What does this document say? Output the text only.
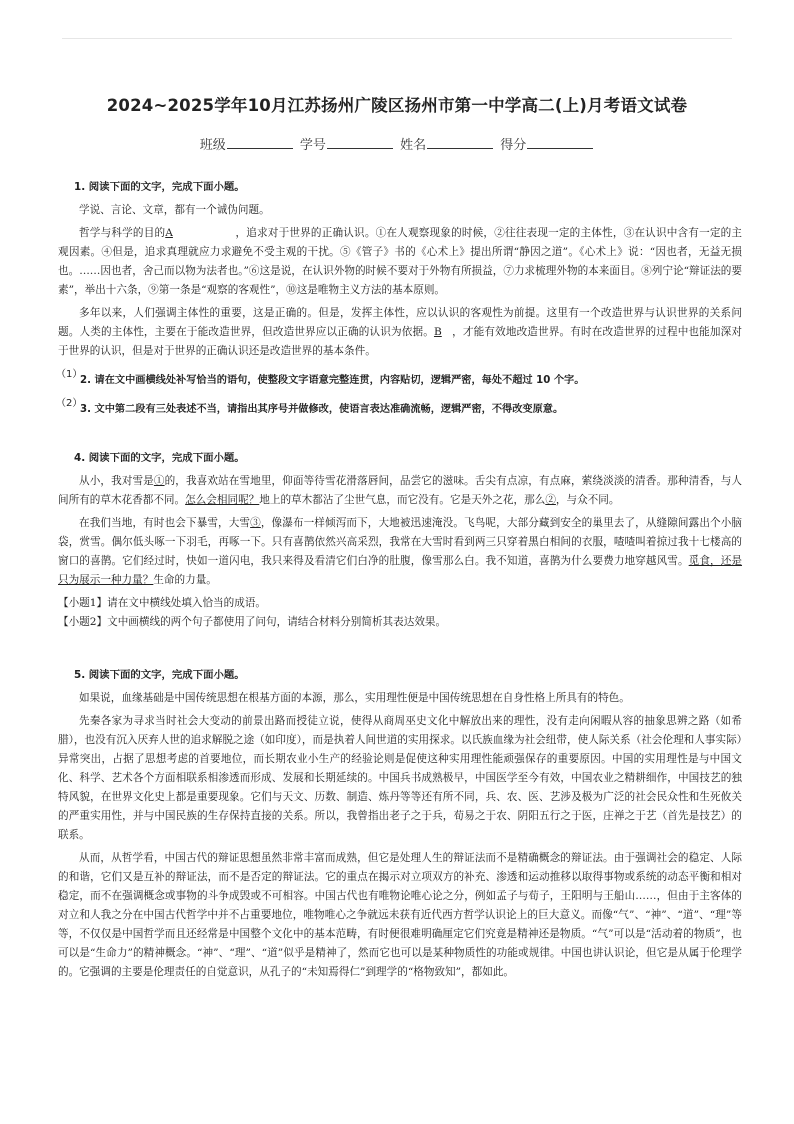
2024~2025学年10月江苏扬州广陵区扬州市第一中学高二(上)月考语文试卷
班级	学号	姓名	得分
1. 阅读下面的文字，完成下面小题。

学说、言论、文章，都有一个诚伪问题。

哲学与科学的目的A	，追求对于世界的正确认识。①在人观察现象的时候，②往往表现一定的主体性，③在认识中含有一定的主观因素。④但是，追求真理就应力求避免不受主观的干扰。⑤《管子》书的《心术上》提出所谓“静因之道”。《心术上》说：“因也者，无益无损也。……因也者，舍己而以物为法者也。”⑥这是说，在认识外物的时候不要对于外物有所损益，⑦力求梳理外物的本来面目。⑧列宁论“辩证法的要素”，举出十六条，⑨第一条是“观察的客观性”，⑩这是唯物主义方法的基本原则。

多年以来，人们强调主体性的重要，这是正确的。但是，发挥主体性，应以认识的客观性为前提。这里有一个改造世界与认识世界的关系问题。人类的主体性，主要在于能改造世界，但改造世界应以正确的认识为依据。B ，才能有效地改造世界。有时在改造世界的过程中也能加深对于世界的认识，但是对于世界的正确认识还是改造世界的基本条件。

（1）
2. 请在文中画横线处补写恰当的语句，使整段文字语意完整连贯，内容贴切，逻辑严密，每处不超过 10 个字。
（2）
3. 文中第二段有三处表述不当，请指出其序号并做修改，使语言表达准确流畅，逻辑严密，不得改变原意。
4. 阅读下面的文字，完成下面小题。

从小，我对雪是①的，我喜欢站在雪地里，仰面等待雪花滑落唇间，品尝它的滋味。舌尖有点凉，有点麻，萦绕淡淡的清香。那种清香，与人间所有的草木花香都不同。怎么会相同呢？地上的草木都沾了尘世气息，而它没有。它是天外之花，那么②，与众不同。

在我们当地，有时也会下暴雪，大雪③，像瀑布一样倾泻而下，大地被迅速淹没。飞鸟呢，大部分藏到安全的巢里去了，从缝隙间露出个小脑袋，赏雪。偶尔低头啄一下羽毛，再啄一下。只有喜鹊依然兴高采烈，我常在大雪时看到两三只穿着黑白相间的衣服，喳喳叫着掠过我十七楼高的窗口的喜鹊。它们经过时，快如一道闪电，我只来得及看清它们白净的肚腹，像雪那么白。我不知道，喜鹊为什么要费力地穿越风雪。觅食，还是只为展示一种力量？生命的力量。

【小题1】请在文中横线处填入恰当的成语。

【小题2】文中画横线的两个句子都使用了问句，请结合材料分别简析其表达效果。

5. 阅读下面的文字，完成下面小题。

如果说，血缘基础是中国传统思想在根基方面的本源，那么，实用理性便是中国传统思想在自身性格上所具有的特色。

先秦各家为寻求当时社会大变动的前景出路而授徒立说，使得从商周巫史文化中解放出来的理性，没有走向闲暇从容的抽象思辨之路（如希腊），也没有沉入厌弃人世的追求解脱之途（如印度），而是执着人间世道的实用探求。以氏族血缘为社会纽带，使人际关系（社会伦理和人事实际）异常突出，占据了思想考虑的首要地位，而长期农业小生产的经验论则是促使这种实用理性能顽强保存的重要原因。中国的实用理性是与中国文化、科学、艺术各个方面相联系相渗透而形成、发展和长期延续的。中国兵书成熟极早，中国医学至今有效，中国农业之精耕细作，中国技艺的独特风貌，在世界文化史上都是重要现象。它们与天文、历数、制造、炼丹等等还有所不同，兵、农、医、艺涉及极为广泛的社会民众性和生死攸关的严重实用性，并与中国民族的生存保持直接的关系。所以，我曾指出老子之于兵，荀易之于农、阴阳五行之于医，庄禅之于艺（首先是技艺）的联系。

从而，从哲学看，中国古代的辩证思想虽然非常丰富而成熟，但它是处理人生的辩证法而不是精确概念的辩证法。由于强调社会的稳定、人际的和谐，它们又是互补的辩证法，而不是否定的辩证法。它的重点在揭示对立项双方的补充、渗透和运动推移以取得事物或系统的动态平衡和相对稳定，而不在强调概念或事物的斗争成毁或不可相容。中国古代也有唯物论唯心论之分，例如孟子与荀子，王阳明与王船山……，但由于主客体的对立和人我之分在中国古代哲学中并不占重要地位，唯物唯心之争就远未获有近代西方哲学认识论上的巨大意义。而像“气”、“神”、“道”、“理”等等，不仅仅是中国哲学而且还经常是中国整个文化中的基本范畴，有时便很难明确厘定它们究竟是精神还是物质。“气”可以是“活动着的物质”，也可以是“生命力”的精神概念。“神”、“理”、“道”似乎是精神了，然而它也可以是某种物质性的功能或规律。中国也讲认识论，但它是从属于伦理学的。它强调的主要是伦理责任的自觉意识，从孔子的“未知焉得仁”到理学的“格物致知”，都如此。
